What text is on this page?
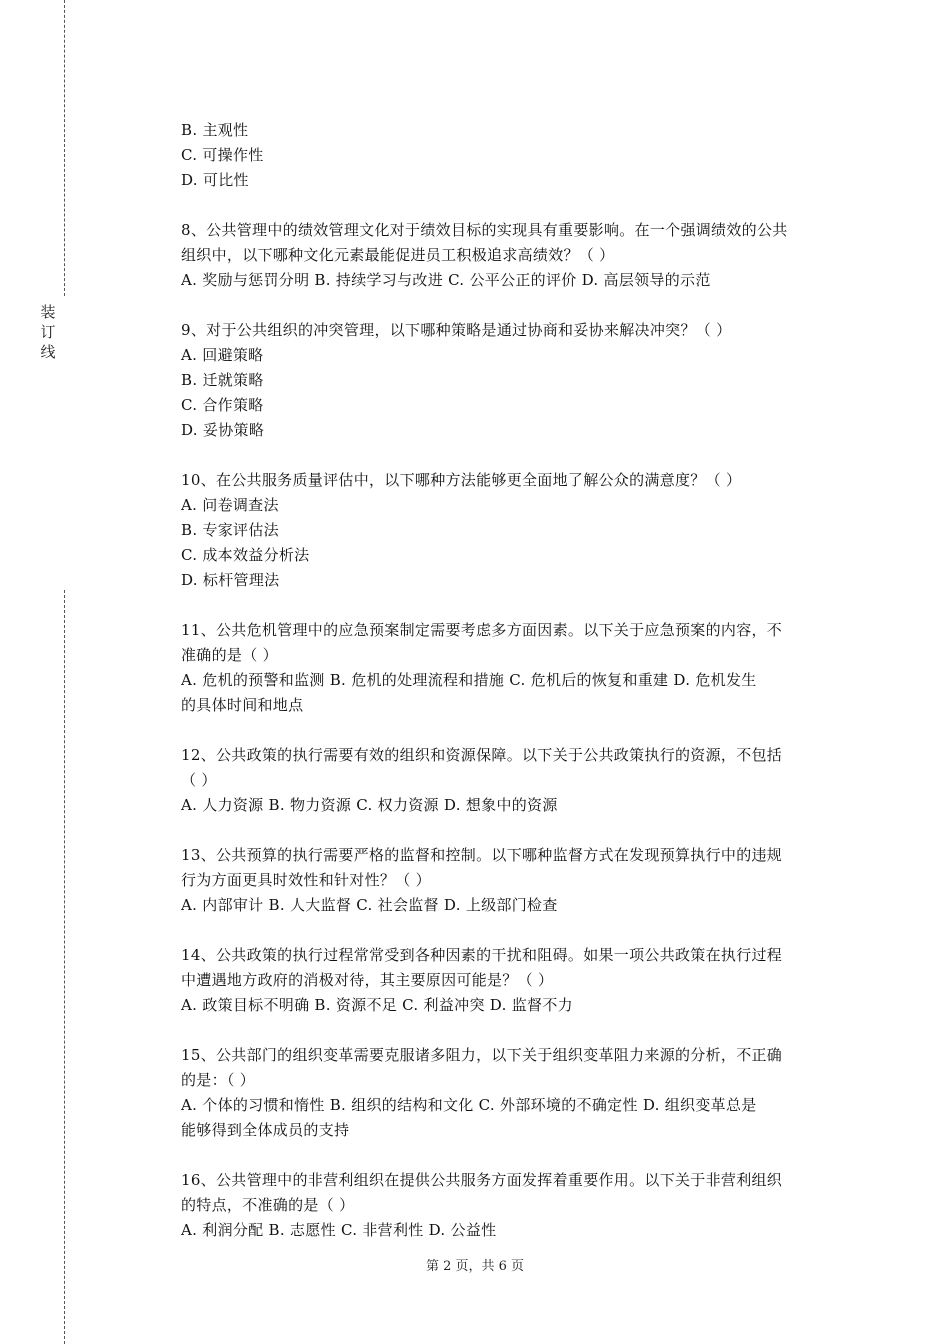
装
订
线
B. 主观性
C. 可操作性
D. 可比性
8、公共管理中的绩效管理文化对于绩效目标的实现具有重要影响。在一个强调绩效的公共
组织中，以下哪种文化元素最能促进员工积极追求高绩效？（ ）
A. 奖励与惩罚分明 B. 持续学习与改进 C. 公平公正的评价 D. 高层领导的示范
9、对于公共组织的冲突管理，以下哪种策略是通过协商和妥协来解决冲突？（ ）
A. 回避策略
B. 迁就策略
C. 合作策略
D. 妥协策略
10、在公共服务质量评估中，以下哪种方法能够更全面地了解公众的满意度？（ ）
A. 问卷调查法
B. 专家评估法
C. 成本效益分析法
D. 标杆管理法
11、公共危机管理中的应急预案制定需要考虑多方面因素。以下关于应急预案的内容，不
准确的是（ ）
A. 危机的预警和监测 B. 危机的处理流程和措施 C. 危机后的恢复和重建 D. 危机发生
的具体时间和地点
12、公共政策的执行需要有效的组织和资源保障。以下关于公共政策执行的资源，不包括
（ ）
A. 人力资源 B. 物力资源 C. 权力资源 D. 想象中的资源
13、公共预算的执行需要严格的监督和控制。以下哪种监督方式在发现预算执行中的违规
行为方面更具时效性和针对性？（ ）
A. 内部审计 B. 人大监督 C. 社会监督 D. 上级部门检查
14、公共政策的执行过程常常受到各种因素的干扰和阻碍。如果一项公共政策在执行过程
中遭遇地方政府的消极对待，其主要原因可能是？（ ）
A. 政策目标不明确 B. 资源不足 C. 利益冲突 D. 监督不力
15、公共部门的组织变革需要克服诸多阻力，以下关于组织变革阻力来源的分析，不正确
的是：（ ）
A. 个体的习惯和惰性 B. 组织的结构和文化 C. 外部环境的不确定性 D. 组织变革总是
能够得到全体成员的支持
16、公共管理中的非营利组织在提供公共服务方面发挥着重要作用。以下关于非营利组织
的特点，不准确的是（ ）
A. 利润分配 B. 志愿性 C. 非营利性 D. 公益性
第 2 页，共 6 页
